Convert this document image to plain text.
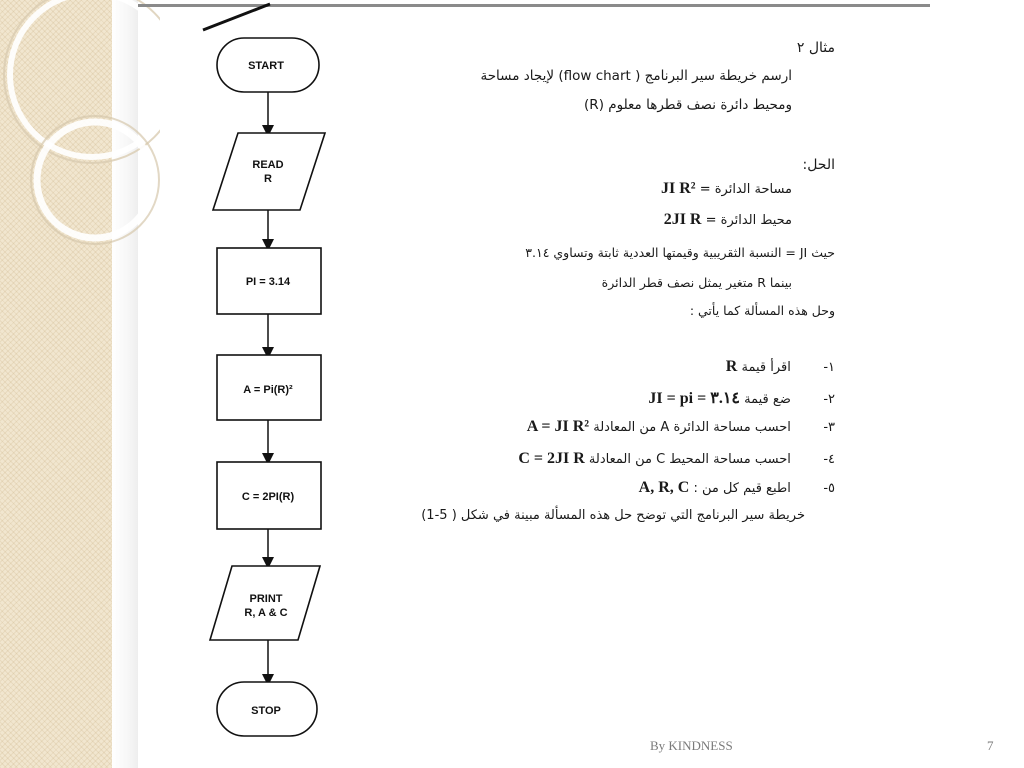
START
READ
R
PI = 3.14
A = Pi(R)²
C = 2PI(R)
PRINT
R, A & C
STOP
مثال ٢
ارسم خريطة سير البرنامج ( flow chart) لإيجاد مساحة
ومحيط دائرة نصف قطرها معلوم (R)
الحل:
مساحة الدائرة = JI R²
محيط الدائرة = 2JI R
حيث JI = النسبة الثقريبية وقيمتها العددية ثابتة وتساوي ٣.١٤
بينما R متغير يمثل نصف قطر الدائرة
وحل هذه المسألة كما يأتي :
١- اقرأ قيمة R
٢- ضع قيمة JI = pi = ٣.١٤
٣- احسب مساحة الدائرة A من المعادلة A = JI R²
٤- احسب مساحة المحيط C من المعادلة C = 2JI R
٥- اطبع قيم كل من : A, R, C
خريطة سير البرنامج التي توضح حل هذه المسألة مبينة في شكل ( 5-1)
By KINDNESS	7
